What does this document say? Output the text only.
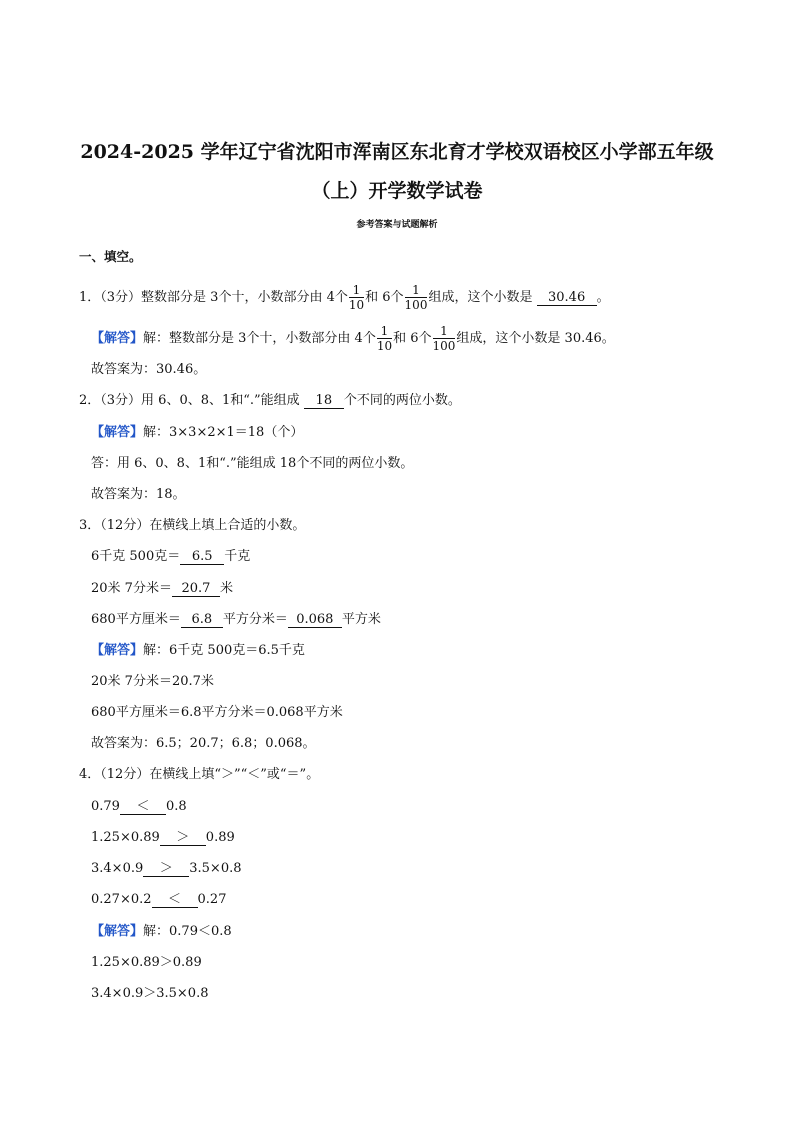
2024-2025 学年辽宁省沈阳市浑南区东北育才学校双语校区小学部五年级
（上）开学数学试卷
参考答案与试题解析
一、填空。
1．（3分）整数部分是 3个十，小数部分由 4个 $\frac{1}{10}$ 和 6个 $\frac{1}{100}$ 组成，这个小数是 30.46 。
【解答】解：整数部分是 3个十，小数部分由 4个 $\frac{1}{10}$ 和 6个 $\frac{1}{100}$ 组成，这个小数是 30.46。
故答案为：30.46。
2．（3分）用 6、0、8、1和“.”能组成 18 个不同的两位小数。
【解答】解：3×3×2×1＝18（个）
答：用 6、0、8、1和“.”能组成 18个不同的两位小数。
故答案为：18。
3．（12分）在横线上填上合适的小数。
6千克 500克＝ 6.5 千克
20米 7分米＝ 20.7 米
680平方厘米＝ 6.8 平方分米＝ 0.068 平方米
【解答】解：6千克 500克＝6.5千克
20米 7分米＝20.7米
680平方厘米＝6.8平方分米＝0.068平方米
故答案为：6.5；20.7；6.8；0.068。
4．（12分）在横线上填“＞”“＜”或“＝”。
0.79 ＜ 0.8
1.25×0.89 ＞ 0.89
3.4×0.9 ＞ 3.5×0.8
0.27×0.2 ＜ 0.27
【解答】解：0.79＜0.8
1.25×0.89＞0.89
3.4×0.9＞3.5×0.8
